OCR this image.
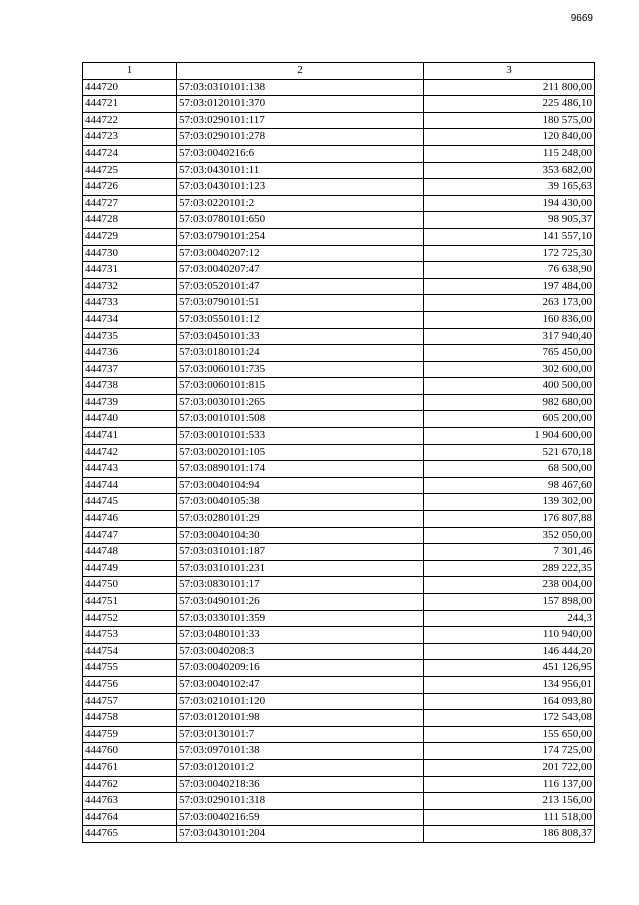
9669
1	2	3
444720	57:03:0310101:138	211 800,00
444721	57:03:0120101:370	225 486,10
444722	57:03:0290101:117	180 575,00
444723	57:03:0290101:278	120 840,00
444724	57:03:0040216:6	115 248,00
444725	57:03:0430101:11	353 682,00
444726	57:03:0430101:123	39 165,63
444727	57:03:0220101:2	194 430,00
444728	57:03:0780101:650	98 905,37
444729	57:03:0790101:254	141 557,10
444730	57:03:0040207:12	172 725,30
444731	57:03:0040207:47	76 638,90
444732	57:03:0520101:47	197 484,00
444733	57:03:0790101:51	263 173,00
444734	57:03:0550101:12	160 836,00
444735	57:03:0450101:33	317 940,40
444736	57:03:0180101:24	765 450,00
444737	57:03:0060101:735	302 600,00
444738	57:03:0060101:815	400 500,00
444739	57:03:0030101:265	982 680,00
444740	57:03:0010101:508	605 200,00
444741	57:03:0010101:533	1 904 600,00
444742	57:03:0020101:105	521 670,18
444743	57:03:0890101:174	68 500,00
444744	57:03:0040104:94	98 467,60
444745	57:03:0040105:38	139 302,00
444746	57:03:0280101:29	176 807,88
444747	57:03:0040104:30	352 050,00
444748	57:03:0310101:187	7 301,46
444749	57:03:0310101:231	289 222,35
444750	57:03:0830101:17	238 004,00
444751	57:03:0490101:26	157 898,00
444752	57:03:0330101:359	244,3
444753	57:03:0480101:33	110 940,00
444754	57:03:0040208:3	146 444,20
444755	57:03:0040209:16	451 126,95
444756	57:03:0040102:47	134 956,01
444757	57:03:0210101:120	164 093,80
444758	57:03:0120101:98	172 543,08
444759	57:03:0130101:7	155 650,00
444760	57:03:0970101:38	174 725,00
444761	57:03:0120101:2	201 722,00
444762	57:03:0040218:36	116 137,00
444763	57:03:0290101:318	213 156,00
444764	57:03:0040216:59	111 518,00
444765	57:03:0430101:204	186 808,37
